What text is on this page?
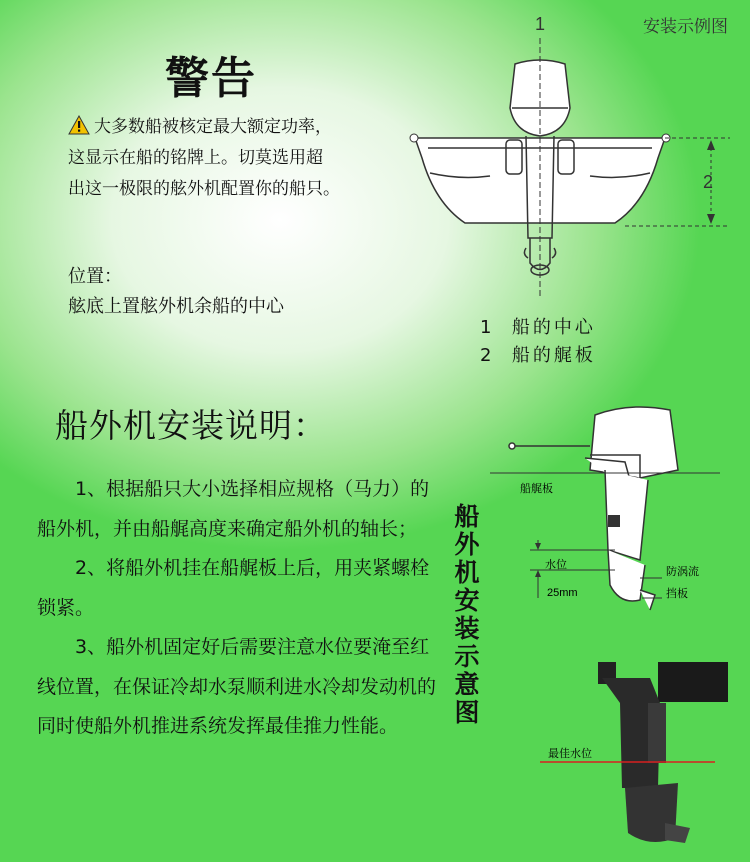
安装示例图
警告
大多数船被核定最大额定功率，
这显示在船的铭牌上。切莫选用超
出这一极限的舷外机配置你的船只。
位置：
舷底上置舷外机余船的中心
1
2
1  船的中心
2  船的艉板
船外机安装说明：

  1、根据船只大小选择相应规格（马力）的船外机，并由船艉高度来确定船外机的轴长；

  2、将船外机挂在船艉板上后，用夹紧螺栓锁紧。

  3、船外机固定好后需要注意水位要淹至红线位置，在保证冷却水泵顺利进水冷却发动机的同时使船外机推进系统发挥最佳推力性能。

船外机安装示意图
船艉板
水位
防涡流
25mm	挡板
最佳水位
